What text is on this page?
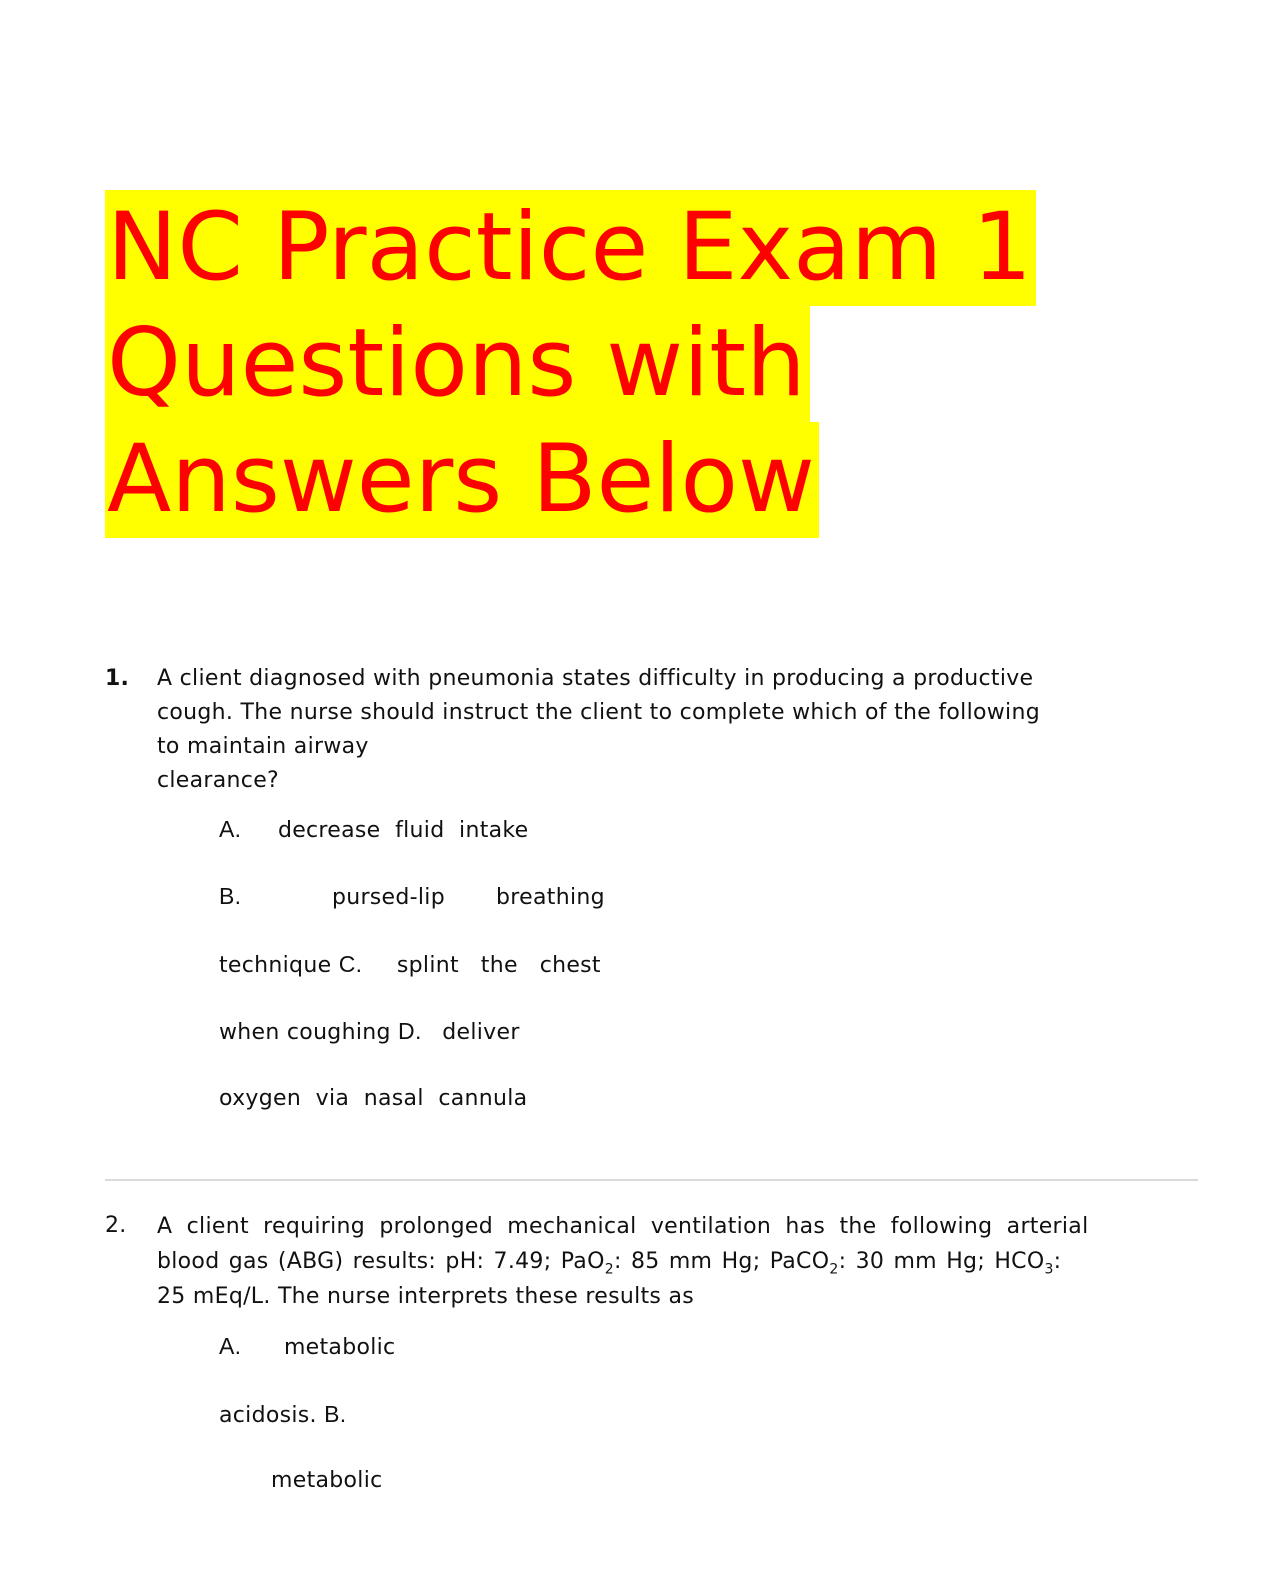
NC Practice Exam 1
Questions with
Answers Below
1. A client diagnosed with pneumonia states difficulty in producing a productive
cough. The nurse should instruct the client to complete which of the following
to maintain airway
clearance?
A. decrease  fluid  intake
B.	pursed-lip       breathing
technique C. splint   the   chest
when coughing D. deliver
oxygen  via  nasal  cannula
2. A client requiring prolonged mechanical ventilation has the following arterial
blood gas (ABG) results: pH: 7.49; PaO$_2$: 85 mm Hg; PaCO$_2$: 30 mm Hg; $HCO_3$:
25 mEq/L. The nurse interprets these results as
A. metabolic
acidosis. B.
metabolic
